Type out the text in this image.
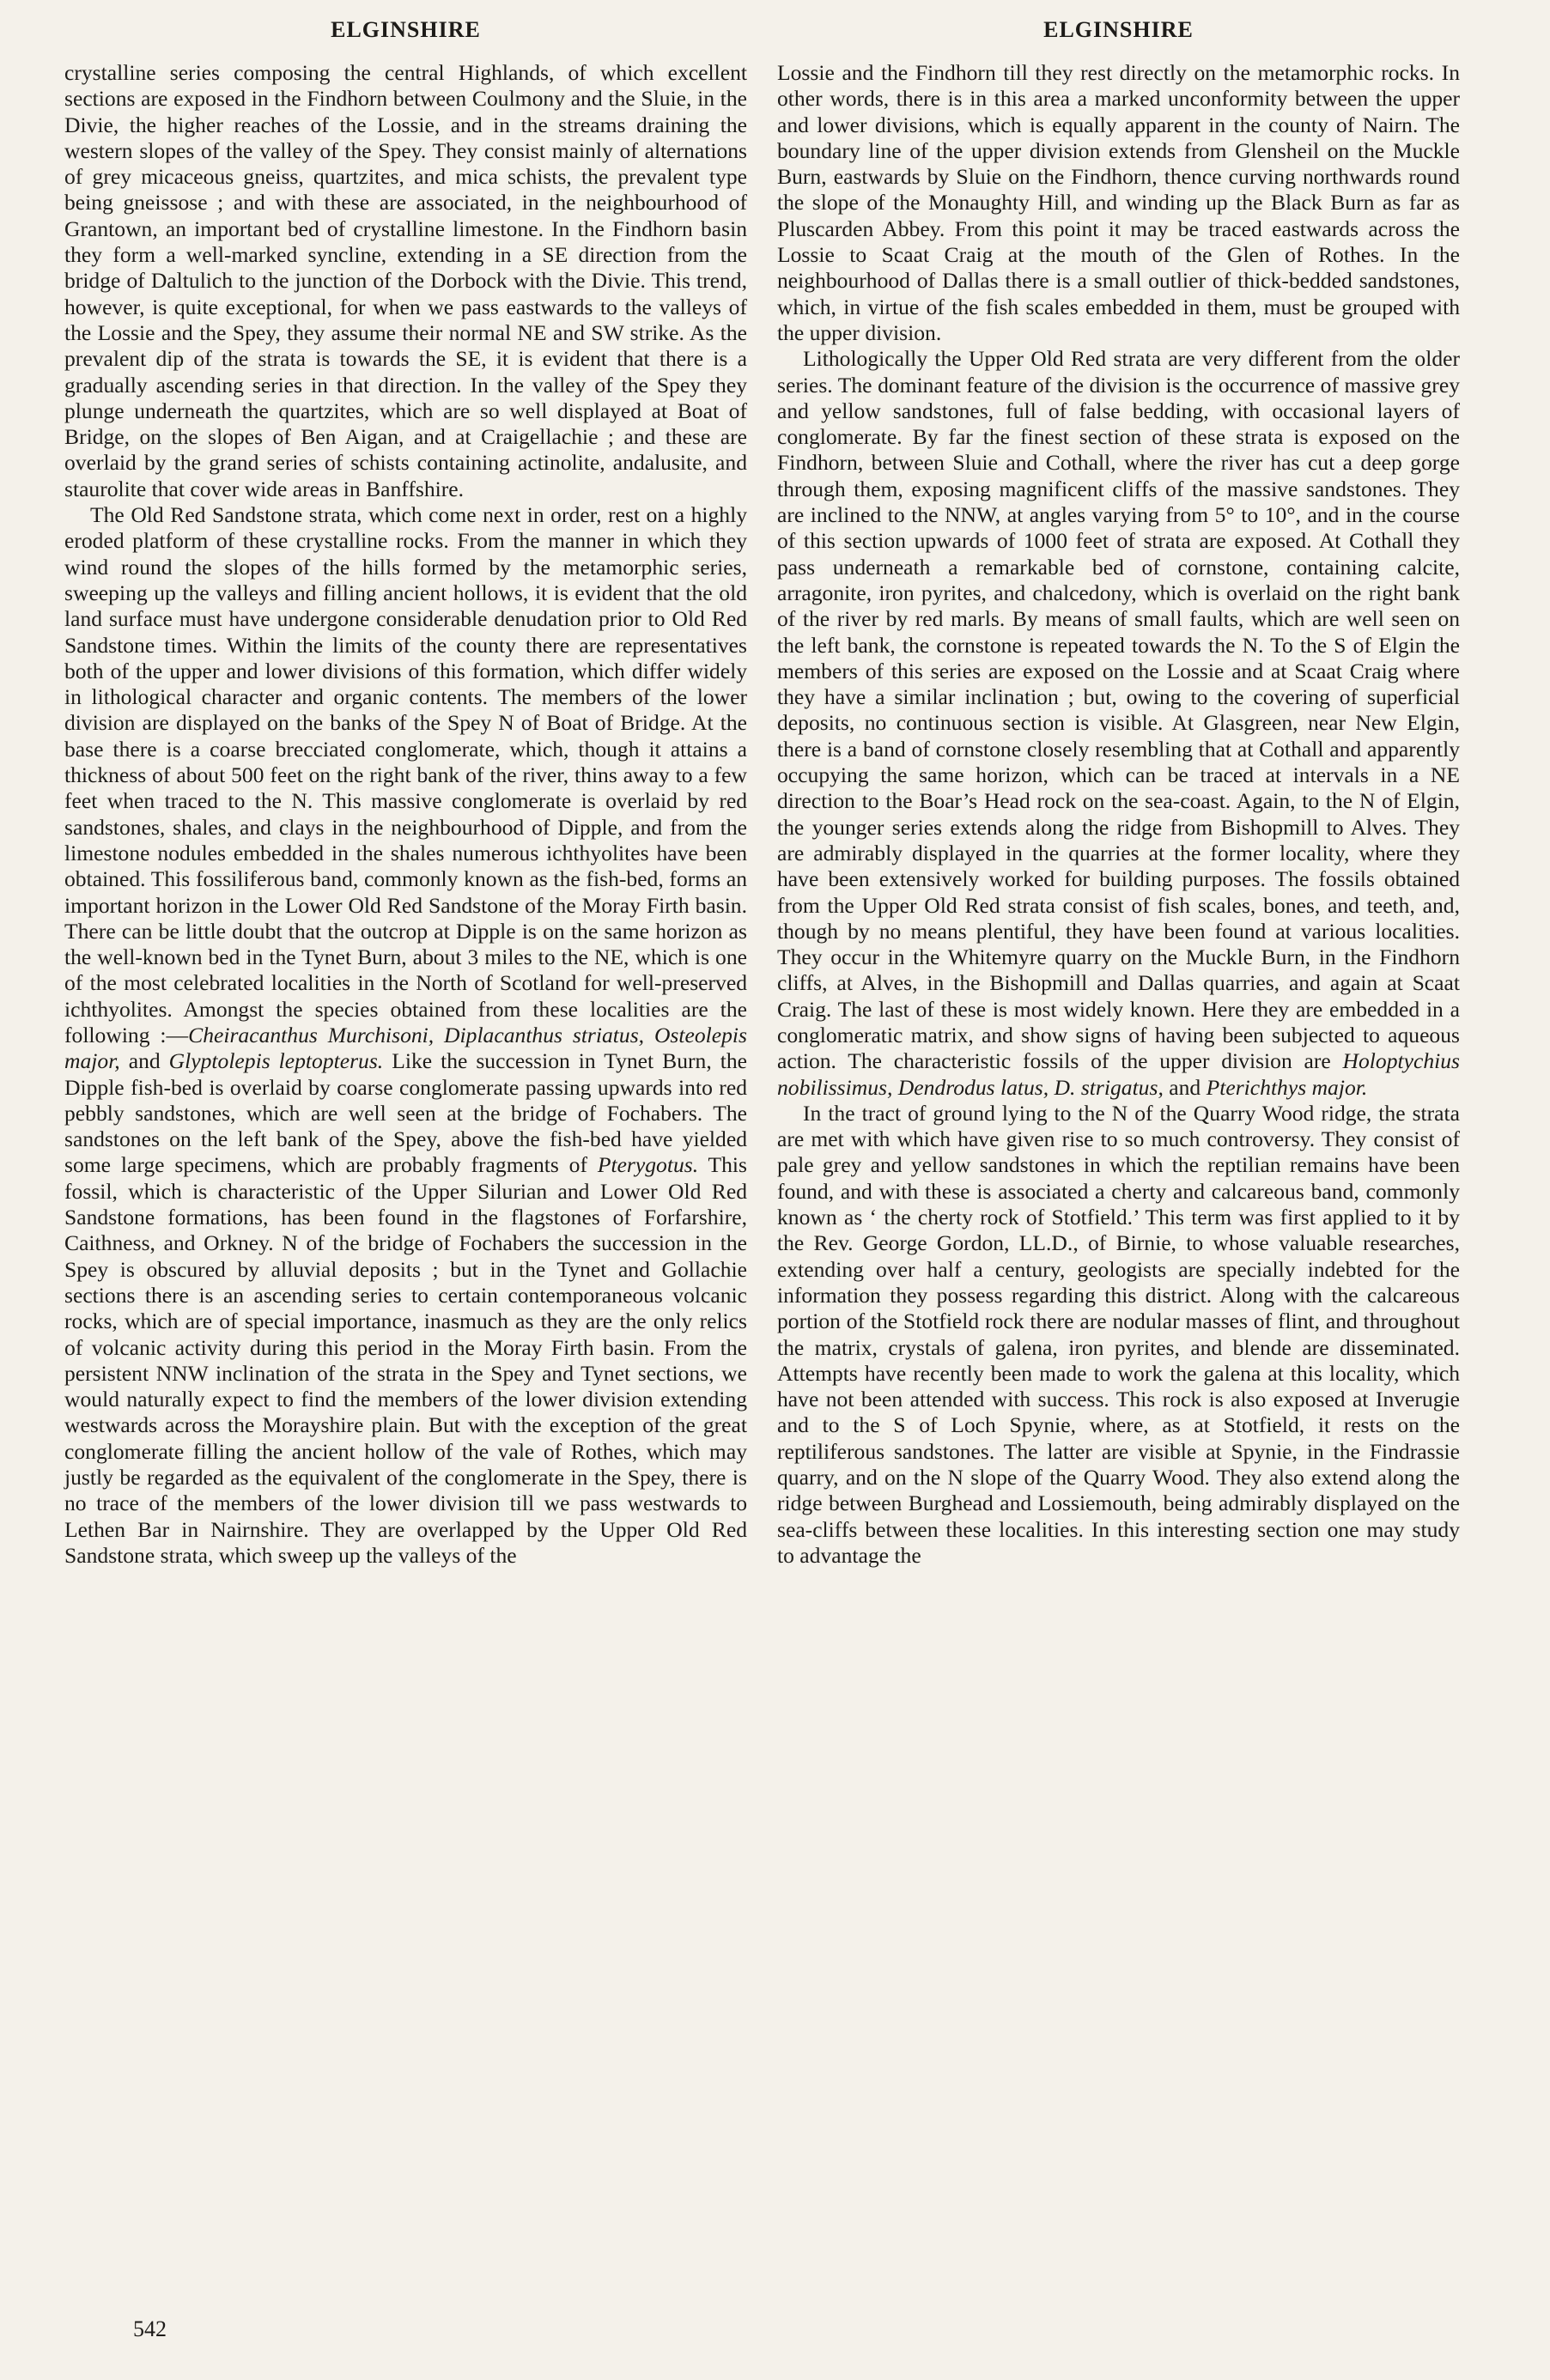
ELGINSHIRE	ELGINSHIRE

crystalline series composing the central Highlands, of which excellent sections are exposed in the Findhorn between Coulmony and the Sluie, in the Divie, the higher reaches of the Lossie, and in the streams draining the western slopes of the valley of the Spey. They consist mainly of alternations of grey micaceous gneiss, quartzites, and mica schists, the prevalent type being gneissose ; and with these are associated, in the neighbourhood of Grantown, an important bed of crystalline limestone. In the Findhorn basin they form a well-marked syncline, extending in a SE direction from the bridge of Daltulich to the junction of the Dorbock with the Divie. This trend, however, is quite exceptional, for when we pass eastwards to the valleys of the Lossie and the Spey, they assume their normal NE and SW strike. As the prevalent dip of the strata is towards the SE, it is evident that there is a gradually ascending series in that direction. In the valley of the Spey they plunge underneath the quartzites, which are so well displayed at Boat of Bridge, on the slopes of Ben Aigan, and at Craigellachie ; and these are overlaid by the grand series of schists containing actinolite, andalusite, and staurolite that cover wide areas in Banffshire.

The Old Red Sandstone strata, which come next in order, rest on a highly eroded platform of these crystalline rocks. From the manner in which they wind round the slopes of the hills formed by the metamorphic series, sweeping up the valleys and filling ancient hollows, it is evident that the old land surface must have undergone considerable denudation prior to Old Red Sandstone times. Within the limits of the county there are representatives both of the upper and lower divisions of this formation, which differ widely in lithological character and organic contents. The members of the lower division are displayed on the banks of the Spey N of Boat of Bridge. At the base there is a coarse brecciated conglomerate, which, though it attains a thickness of about 500 feet on the right bank of the river, thins away to a few feet when traced to the N. This massive conglomerate is overlaid by red sandstones, shales, and clays in the neighbourhood of Dipple, and from the limestone nodules embedded in the shales numerous ichthyolites have been obtained. This fossiliferous band, commonly known as the fish-bed, forms an important horizon in the Lower Old Red Sandstone of the Moray Firth basin. There can be little doubt that the outcrop at Dipple is on the same horizon as the well-known bed in the Tynet Burn, about 3 miles to the NE, which is one of the most celebrated localities in the North of Scotland for well-preserved ichthyolites. Amongst the species obtained from these localities are the following :—Cheiracanthus Murchisoni, Diplacanthus striatus, Osteolepis major, and Glyptolepis leptopterus. Like the succession in Tynet Burn, the Dipple fish-bed is overlaid by coarse conglomerate passing upwards into red pebbly sandstones, which are well seen at the bridge of Fochabers. The sandstones on the left bank of the Spey, above the fish-bed have yielded some large specimens, which are probably fragments of Pterygotus. This fossil, which is characteristic of the Upper Silurian and Lower Old Red Sandstone formations, has been found in the flagstones of Forfarshire, Caithness, and Orkney. N of the bridge of Fochabers the succession in the Spey is obscured by alluvial deposits ; but in the Tynet and Gollachie sections there is an ascending series to certain contemporaneous volcanic rocks, which are of special importance, inasmuch as they are the only relics of volcanic activity during this period in the Moray Firth basin. From the persistent NNW inclination of the strata in the Spey and Tynet sections, we would naturally expect to find the members of the lower division extending westwards across the Morayshire plain. But with the exception of the great conglomerate filling the ancient hollow of the vale of Rothes, which may justly be regarded as the equivalent of the conglomerate in the Spey, there is no trace of the members of the lower division till we pass westwards to Lethen Bar in Nairnshire. They are overlapped by the Upper Old Red Sandstone strata, which sweep up the valleys of the

542

Lossie and the Findhorn till they rest directly on the metamorphic rocks. In other words, there is in this area a marked unconformity between the upper and lower divisions, which is equally apparent in the county of Nairn. The boundary line of the upper division extends from Glensheil on the Muckle Burn, eastwards by Sluie on the Findhorn, thence curving northwards round the slope of the Monaughty Hill, and winding up the Black Burn as far as Pluscarden Abbey. From this point it may be traced eastwards across the Lossie to Scaat Craig at the mouth of the Glen of Rothes. In the neighbourhood of Dallas there is a small outlier of thick-bedded sandstones, which, in virtue of the fish scales embedded in them, must be grouped with the upper division.

Lithologically the Upper Old Red strata are very different from the older series. The dominant feature of the division is the occurrence of massive grey and yellow sandstones, full of false bedding, with occasional layers of conglomerate. By far the finest section of these strata is exposed on the Findhorn, between Sluie and Cothall, where the river has cut a deep gorge through them, exposing magnificent cliffs of the massive sandstones. They are inclined to the NNW, at angles varying from 5° to 10°, and in the course of this section upwards of 1000 feet of strata are exposed. At Cothall they pass underneath a remarkable bed of cornstone, containing calcite, arragonite, iron pyrites, and chalcedony, which is overlaid on the right bank of the river by red marls. By means of small faults, which are well seen on the left bank, the cornstone is repeated towards the N. To the S of Elgin the members of this series are exposed on the Lossie and at Scaat Craig where they have a similar inclination ; but, owing to the covering of superficial deposits, no continuous section is visible. At Glasgreen, near New Elgin, there is a band of cornstone closely resembling that at Cothall and apparently occupying the same horizon, which can be traced at intervals in a NE direction to the Boar’s Head rock on the sea-coast. Again, to the N of Elgin, the younger series extends along the ridge from Bishopmill to Alves. They are admirably displayed in the quarries at the former locality, where they have been extensively worked for building purposes. The fossils obtained from the Upper Old Red strata consist of fish scales, bones, and teeth, and, though by no means plentiful, they have been found at various localities. They occur in the Whitemyre quarry on the Muckle Burn, in the Findhorn cliffs, at Alves, in the Bishopmill and Dallas quarries, and again at Scaat Craig. The last of these is most widely known. Here they are embedded in a conglomeratic matrix, and show signs of having been subjected to aqueous action. The characteristic fossils of the upper division are Holoptychius nobilissimus, Dendrodus latus, D. strigatus, and Pterichthys major.

In the tract of ground lying to the N of the Quarry Wood ridge, the strata are met with which have given rise to so much controversy. They consist of pale grey and yellow sandstones in which the reptilian remains have been found, and with these is associated a cherty and calcareous band, commonly known as ‘ the cherty rock of Stotfield.’ This term was first applied to it by the Rev. George Gordon, LL.D., of Birnie, to whose valuable researches, extending over half a century, geologists are specially indebted for the information they possess regarding this district. Along with the calcareous portion of the Stotfield rock there are nodular masses of flint, and throughout the matrix, crystals of galena, iron pyrites, and blende are disseminated. Attempts have recently been made to work the galena at this locality, which have not been attended with success. This rock is also exposed at Inverugie and to the S of Loch Spynie, where, as at Stotfield, it rests on the reptiliferous sandstones. The latter are visible at Spynie, in the Findrassie quarry, and on the N slope of the Quarry Wood. They also extend along the ridge between Burghead and Lossiemouth, being admirably displayed on the sea-cliffs between these localities. In this interesting section one may study to advantage the
